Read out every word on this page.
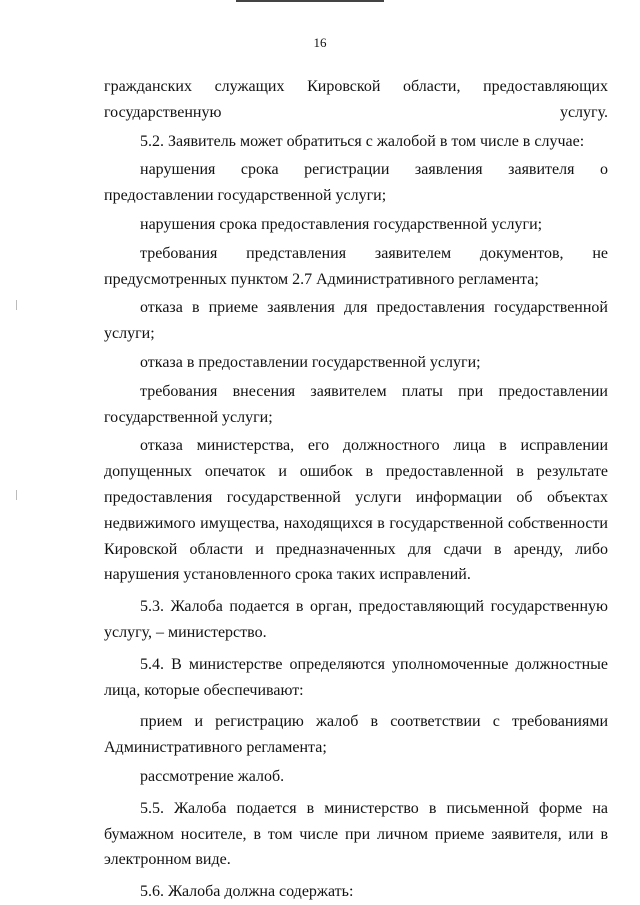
16

гражданских служащих Кировской области, предоставляющих государственную услугу.

5.2. Заявитель может обратиться с жалобой в том числе в случае:

нарушения срока регистрации заявления заявителя о предоставлении государственной услуги;

нарушения срока предоставления государственной услуги;

требования представления заявителем документов, не предусмотренных пунктом 2.7 Административного регламента;

отказа в приеме заявления для предоставления государственной услуги;

отказа в предоставлении государственной услуги;

требования внесения заявителем платы при предоставлении государственной услуги;

отказа министерства, его должностного лица в исправлении допущенных опечаток и ошибок в предоставленной в результате предоставления государственной услуги информации об объектах недвижимого имущества, находящихся в государственной собственности Кировской области и предназначенных для сдачи в аренду, либо нарушения установленного срока таких исправлений.

5.3. Жалоба подается в орган, предоставляющий государственную услугу, – министерство.

5.4. В министерстве определяются уполномоченные должностные лица, которые обеспечивают:

прием и регистрацию жалоб в соответствии с требованиями Административного регламента;

рассмотрение жалоб.

5.5. Жалоба подается в министерство в письменной форме на бумажном носителе, в том числе при личном приеме заявителя, или в электронном виде.

5.6. Жалоба должна содержать:
